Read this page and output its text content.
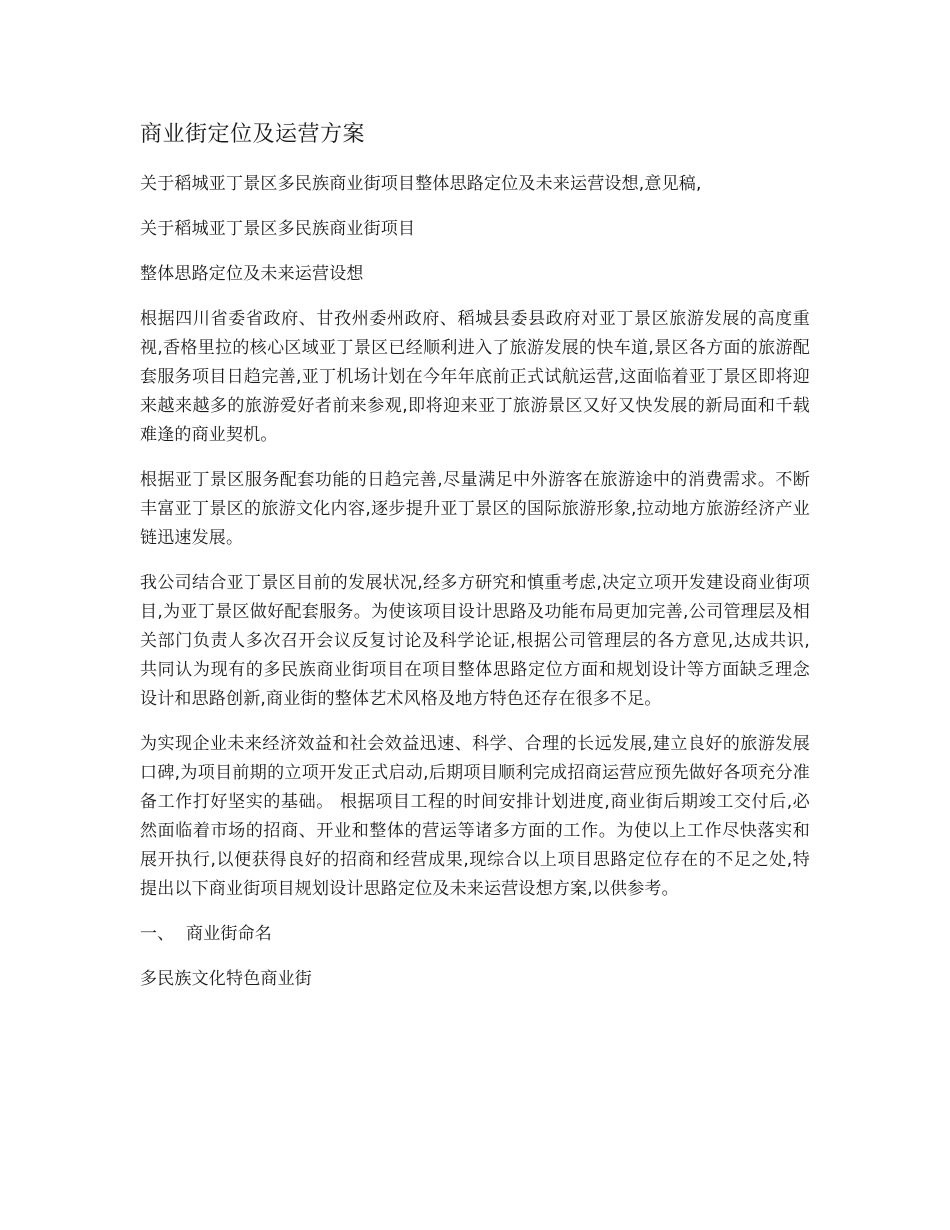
商业街定位及运营方案

关于稻城亚丁景区多民族商业街项目整体思路定位及未来运营设想,意见稿,

关于稻城亚丁景区多民族商业街项目

整体思路定位及未来运营设想

根据四川省委省政府、甘孜州委州政府、稻城县委县政府对亚丁景区旅游发展的高度重视,香格里拉的核心区域亚丁景区已经顺利进入了旅游发展的快车道,景区各方面的旅游配套服务项目日趋完善,亚丁机场计划在今年年底前正式试航运营,这面临着亚丁景区即将迎来越来越多的旅游爱好者前来参观,即将迎来亚丁旅游景区又好又快发展的新局面和千载难逢的商业契机。

根据亚丁景区服务配套功能的日趋完善,尽量满足中外游客在旅游途中的消费需求。不断丰富亚丁景区的旅游文化内容,逐步提升亚丁景区的国际旅游形象,拉动地方旅游经济产业链迅速发展。

我公司结合亚丁景区目前的发展状况,经多方研究和慎重考虑,决定立项开发建设商业街项目,为亚丁景区做好配套服务。为使该项目设计思路及功能布局更加完善,公司管理层及相关部门负责人多次召开会议反复讨论及科学论证,根据公司管理层的各方意见,达成共识,共同认为现有的多民族商业街项目在项目整体思路定位方面和规划设计等方面缺乏理念设计和思路创新,商业街的整体艺术风格及地方特色还存在很多不足。

为实现企业未来经济效益和社会效益迅速、科学、合理的长远发展,建立良好的旅游发展口碑,为项目前期的立项开发正式启动,后期项目顺利完成招商运营应预先做好各项充分准备工作打好坚实的基础。 根据项目工程的时间安排计划进度,商业街后期竣工交付后,必然面临着市场的招商、开业和整体的营运等诸多方面的工作。为使以上工作尽快落实和展开执行,以便获得良好的招商和经营成果,现综合以上项目思路定位存在的不足之处,特提出以下商业街项目规划设计思路定位及未来运营设想方案,以供参考。

一、 商业街命名

多民族文化特色商业街
